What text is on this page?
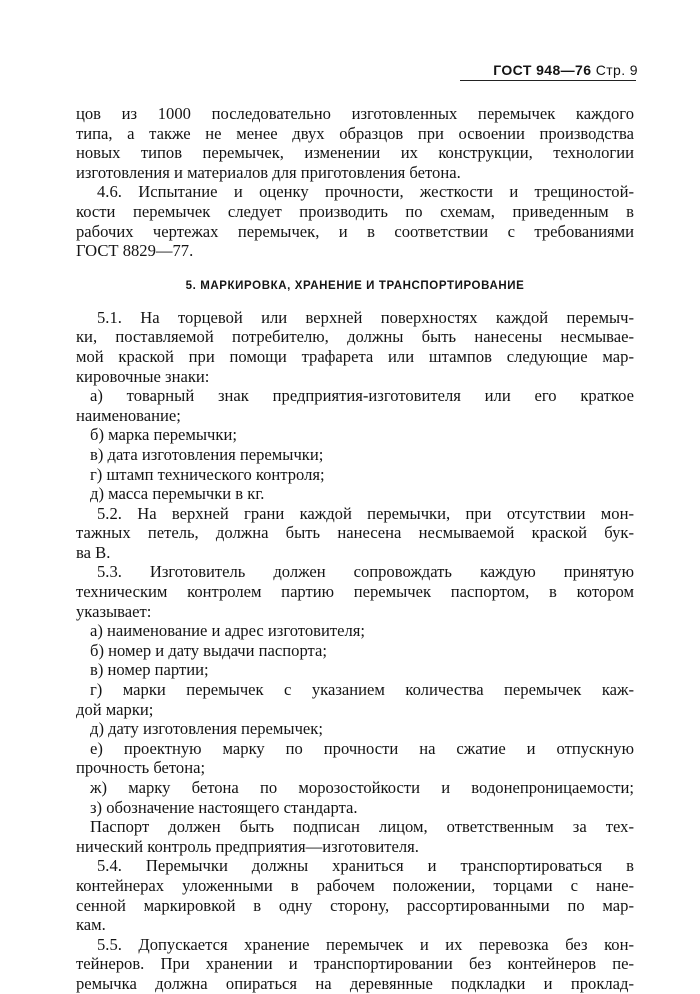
ГОСТ 948—76 Стр. 9
цов из 1000 последовательно изготовленных перемычек каждого
типа, а также не менее двух образцов при освоении производства
новых типов перемычек, изменении их конструкции, технологии
изготовления и материалов для приготовления бетона.
4.6. Испытание и оценку прочности, жесткости и трещиностой-
кости перемычек следует производить по схемам, приведенным в
рабочих чертежах перемычек, и в соответствии с требованиями
ГОСТ 8829—77.
5. МАРКИРОВКА, ХРАНЕНИЕ И ТРАНСПОРТИРОВАНИЕ
5.1. На торцевой или верхней поверхностях каждой перемыч-
ки, поставляемой потребителю, должны быть нанесены несмывае-
мой краской при помощи трафарета или штампов следующие мар-
кировочные знаки:
а) товарный знак предприятия-изготовителя или его краткое
наименование;
б) марка перемычки;
в) дата изготовления перемычки;
г) штамп технического контроля;
д) масса перемычки в кг.
5.2. На верхней грани каждой перемычки, при отсутствии мон-
тажных петель, должна быть нанесена несмываемой краской бук-
ва В.
5.3. Изготовитель должен сопровождать каждую принятую
техническим контролем партию перемычек паспортом, в котором
указывает:
а) наименование и адрес изготовителя;
б) номер и дату выдачи паспорта;
в) номер партии;
г) марки перемычек с указанием количества перемычек каж-
дой марки;
д) дату изготовления перемычек;
е) проектную марку по прочности на сжатие и отпускную
прочность бетона;
ж) марку бетона по морозостойкости и водонепроницаемости;
з) обозначение настоящего стандарта.
Паспорт должен быть подписан лицом, ответственным за тех-
нический контроль предприятия—изготовителя.
5.4. Перемычки должны храниться и транспортироваться в
контейнерах уложенными в рабочем положении, торцами с нане-
сенной маркировкой в одну сторону, рассортированными по мар-
кам.
5.5. Допускается хранение перемычек и их перевозка без кон-
тейнеров. При хранении и транспортировании без контейнеров пе-
ремычка должна опираться на деревянные подкладки и проклад-
